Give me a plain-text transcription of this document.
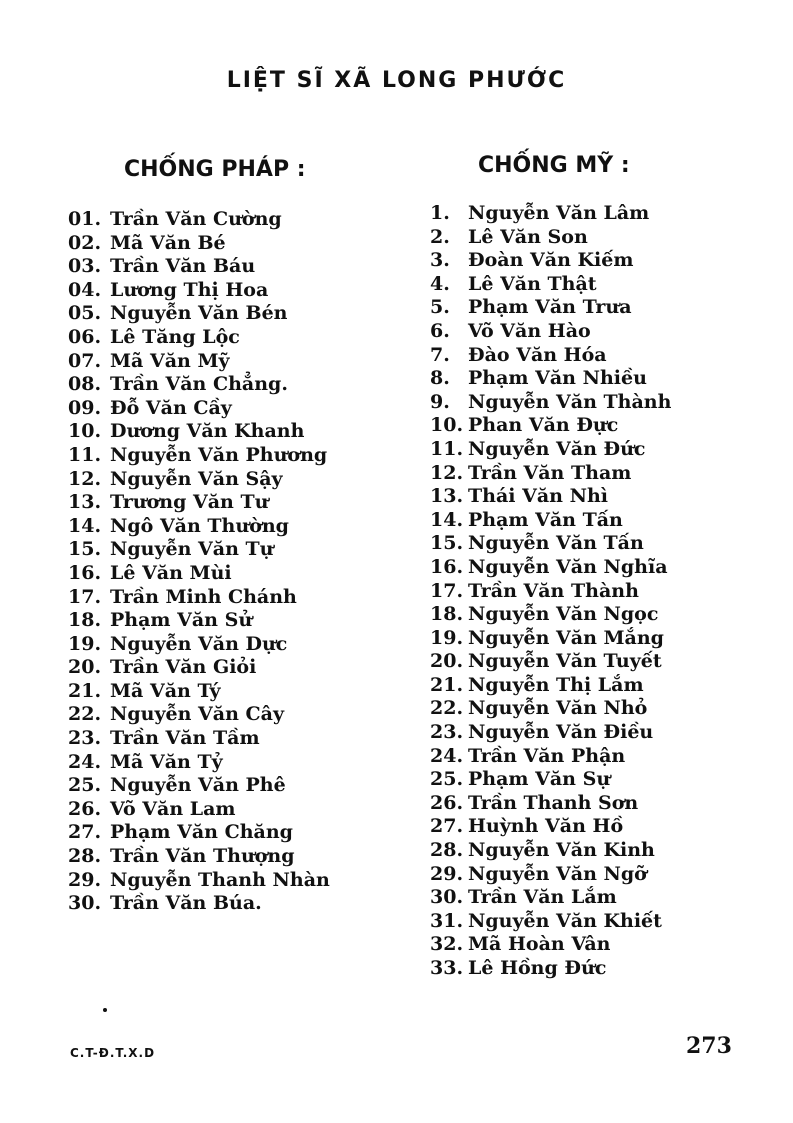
LIỆT SĨ XÃ LONG PHƯỚC
CHỐNG PHÁP :	CHỐNG MỸ :
01. Trần Văn Cường
02. Mã Văn Bé
03. Trần Văn Báu
04. Lương Thị Hoa
05. Nguyễn Văn Bén
06. Lê Tăng Lộc
07. Mã Văn Mỹ
08. Trần Văn Chẳng.
09. Đỗ Văn Cầy
10. Dương Văn Khanh
11. Nguyễn Văn Phương
12. Nguyễn Văn Sậy
13. Trương Văn Tư
14. Ngô Văn Thường
15. Nguyễn Văn Tự
16. Lê Văn Mùi
17. Trần Minh Chánh
18. Phạm Văn Sử
19. Nguyễn Văn Dực
20. Trần Văn Giỏi
21. Mã Văn Tý
22. Nguyễn Văn Cây
23. Trần Văn Tầm
24. Mã Văn Tỷ
25. Nguyễn Văn Phê
26. Võ Văn Lam
27. Phạm Văn Chăng
28. Trần Văn Thượng
29. Nguyễn Thanh Nhàn
30. Trần Văn Búa.
1. Nguyễn Văn Lâm
2. Lê Văn Son
3. Đoàn Văn Kiếm
4. Lê Văn Thật
5. Phạm Văn Trưa
6. Võ Văn Hào
7. Đào Văn Hóa
8. Phạm Văn Nhiều
9. Nguyễn Văn Thành
10. Phan Văn Đực
11. Nguyễn Văn Đức
12. Trần Văn Tham
13. Thái Văn Nhì
14. Phạm Văn Tấn
15. Nguyễn Văn Tấn
16. Nguyễn Văn Nghĩa
17. Trần Văn Thành
18. Nguyễn Văn Ngọc
19. Nguyễn Văn Mắng
20. Nguyễn Văn Tuyết
21. Nguyễn Thị Lắm
22. Nguyễn Văn Nhỏ
23. Nguyễn Văn Điều
24. Trần Văn Phận
25. Phạm Văn Sự
26. Trần Thanh Sơn
27. Huỳnh Văn Hồ
28. Nguyễn Văn Kinh
29. Nguyễn Văn Ngỡ
30. Trần Văn Lắm
31. Nguyễn Văn Khiết
32. Mã Hoàn Vân
33. Lê Hồng Đức
C.T-Đ.T.X.D	273
